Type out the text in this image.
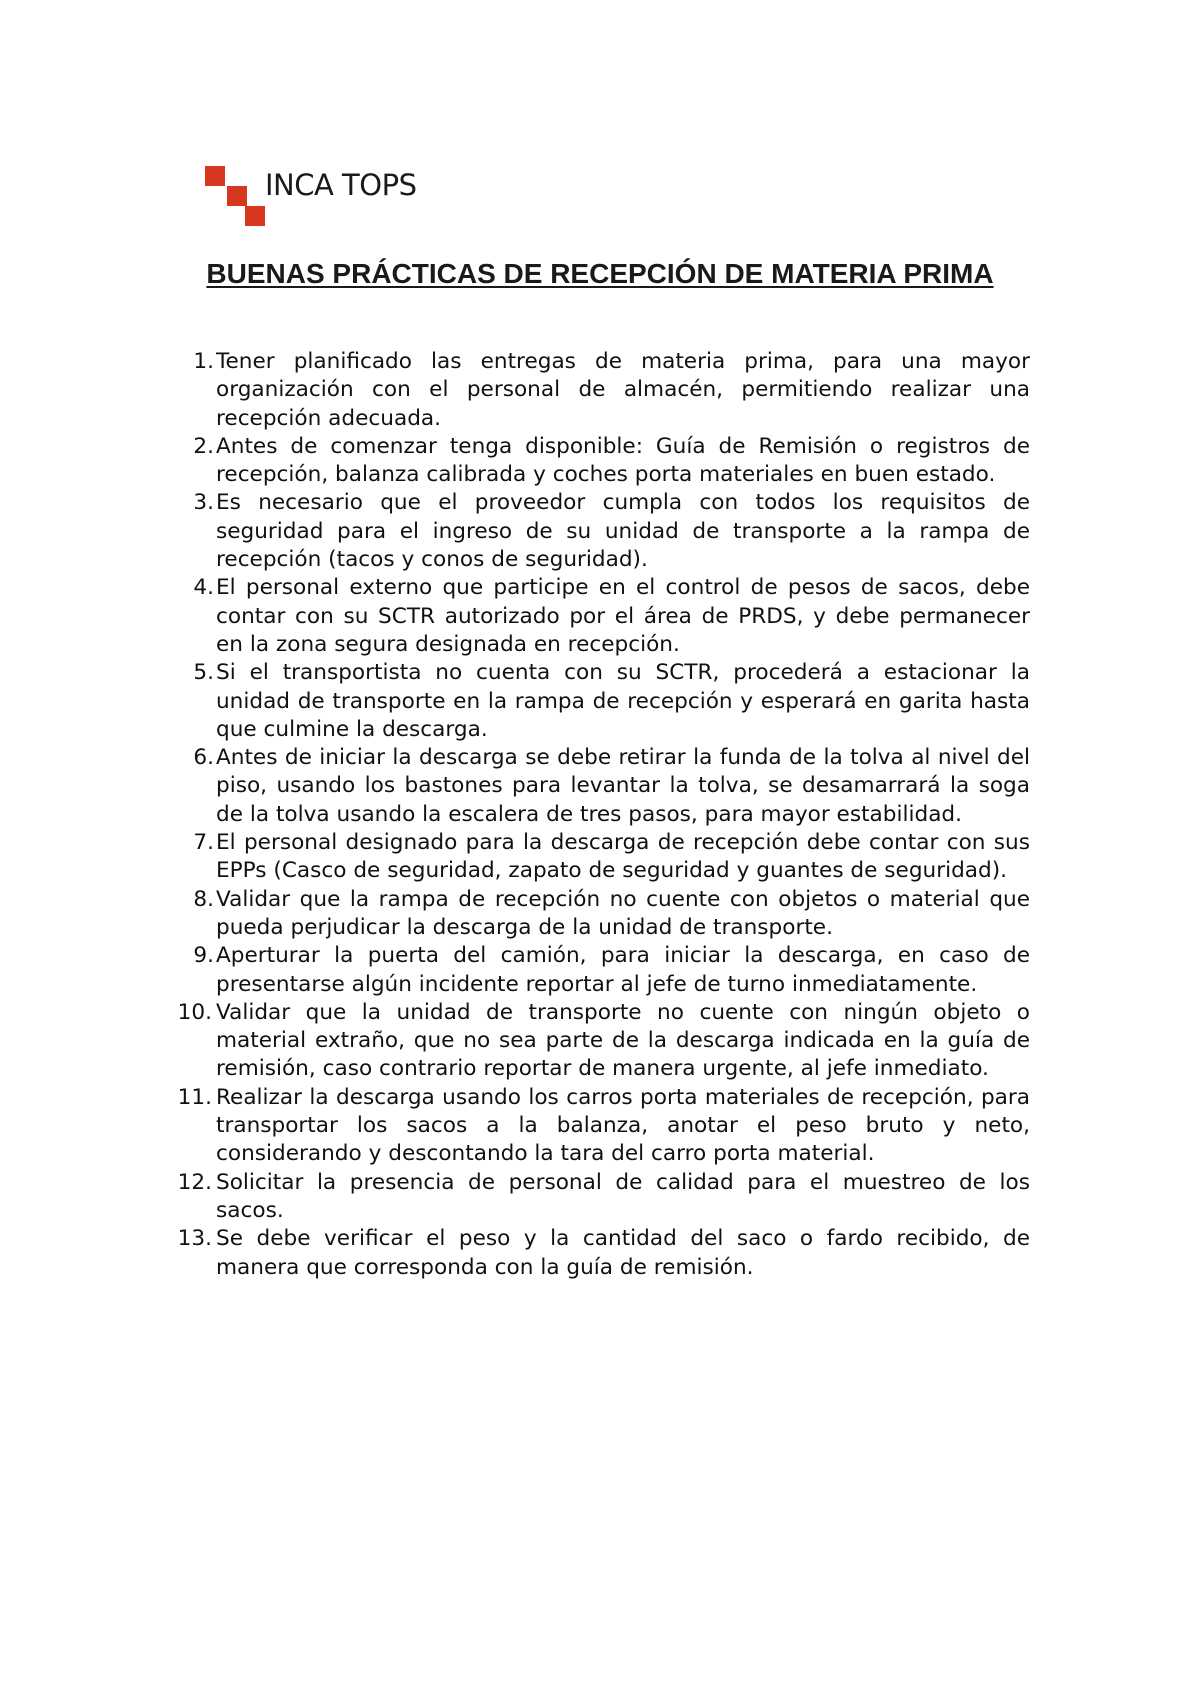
INCA TOPS
BUENAS PRÁCTICAS DE RECEPCIÓN DE MATERIA PRIMA
1. Tener planificado las entregas de materia prima, para una mayor organización con el personal de almacén, permitiendo realizar una recepción adecuada.
2. Antes de comenzar tenga disponible: Guía de Remisión o registros de recepción, balanza calibrada y coches porta materiales en buen estado.
3. Es necesario que el proveedor cumpla con todos los requisitos de seguridad para el ingreso de su unidad de transporte a la rampa de recepción (tacos y conos de seguridad).
4. El personal externo que participe en el control de pesos de sacos, debe contar con su SCTR autorizado por el área de PRDS, y debe permanecer en la zona segura designada en recepción.
5. Si el transportista no cuenta con su SCTR, procederá a estacionar la unidad de transporte en la rampa de recepción y esperará en garita hasta que culmine la descarga.
6. Antes de iniciar la descarga se debe retirar la funda de la tolva al nivel del piso, usando los bastones para levantar la tolva, se desamarrará la soga de la tolva usando la escalera de tres pasos, para mayor estabilidad.
7. El personal designado para la descarga de recepción debe contar con sus EPPs (Casco de seguridad, zapato de seguridad y guantes de seguridad).
8. Validar que la rampa de recepción no cuente con objetos o material que pueda perjudicar la descarga de la unidad de transporte.
9. Aperturar la puerta del camión, para iniciar la descarga, en caso de presentarse algún incidente reportar al jefe de turno inmediatamente.
10. Validar que la unidad de transporte no cuente con ningún objeto o material extraño, que no sea parte de la descarga indicada en la guía de remisión, caso contrario reportar de manera urgente, al jefe inmediato.
11. Realizar la descarga usando los carros porta materiales de recepción, para transportar los sacos a la balanza, anotar el peso bruto y neto, considerando y descontando la tara del carro porta material.
12. Solicitar la presencia de personal de calidad para el muestreo de los sacos.
13. Se debe verificar el peso y la cantidad del saco o fardo recibido, de manera que corresponda con la guía de remisión.
